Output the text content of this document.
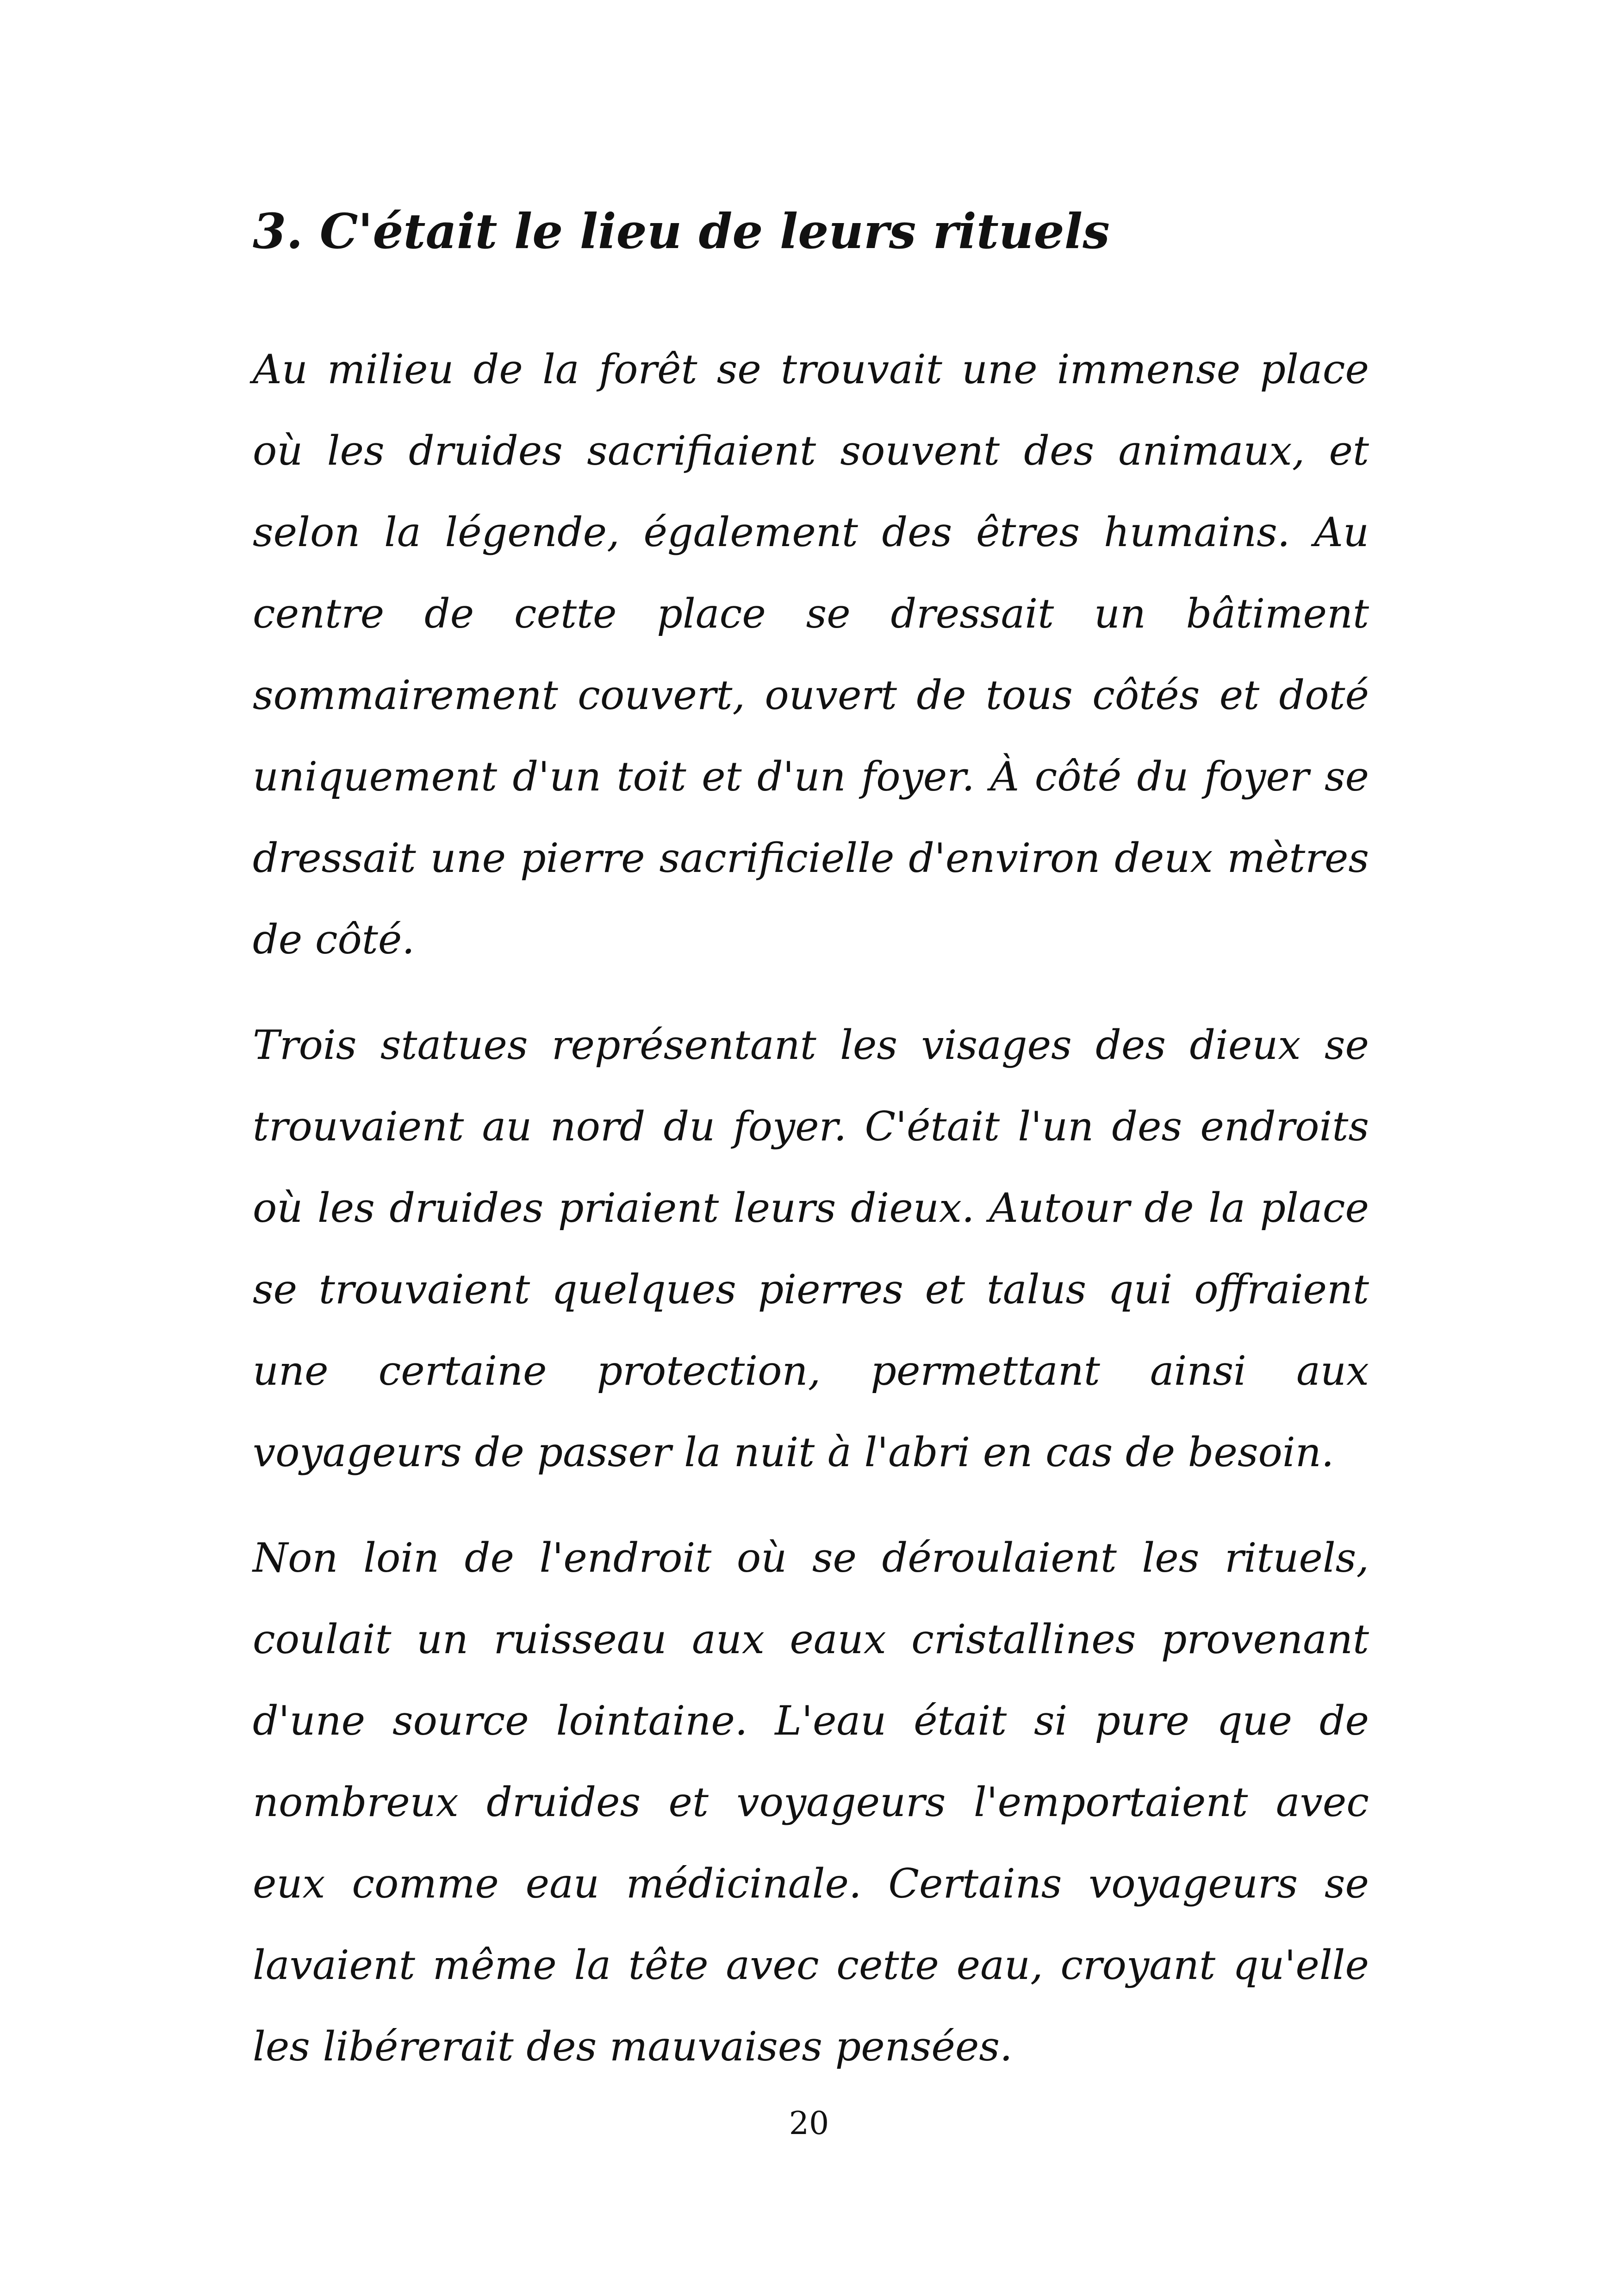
3. C'était le lieu de leurs rituels

Au milieu de la forêt se trouvait une immense place où les druides sacrifiaient souvent des animaux, et selon la légende, également des êtres humains. Au centre de cette place se dressait un bâtiment sommairement couvert, ouvert de tous côtés et doté uniquement d'un toit et d'un foyer. À côté du foyer se dressait une pierre sacrificielle d'environ deux mètres de côté.

Trois statues représentant les visages des dieux se trouvaient au nord du foyer. C'était l'un des endroits où les druides priaient leurs dieux. Autour de la place se trouvaient quelques pierres et talus qui offraient une certaine protection, permettant ainsi aux voyageurs de passer la nuit à l'abri en cas de besoin.

Non loin de l'endroit où se déroulaient les rituels, coulait un ruisseau aux eaux cristallines provenant d'une source lointaine. L'eau était si pure que de nombreux druides et voyageurs l'emportaient avec eux comme eau médicinale. Certains voyageurs se lavaient même la tête avec cette eau, croyant qu'elle les libérerait des mauvaises pensées.

20
